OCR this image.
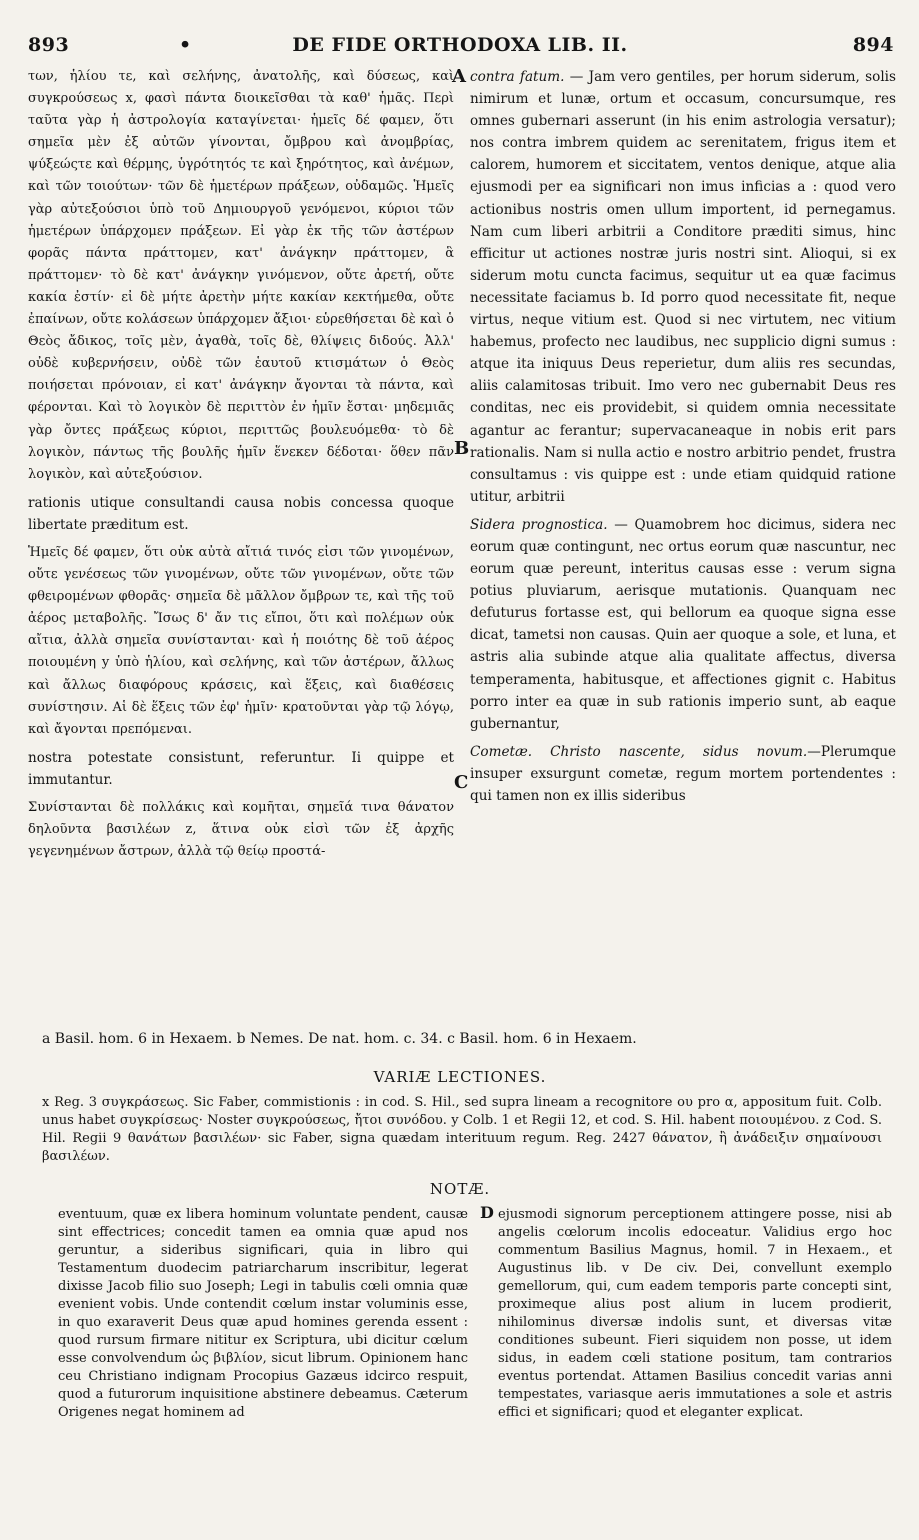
893	•	DE FIDE ORTHODOXA LIB. II.	894

των, ἡλίου τε, καὶ σελήνης, ἀνατολῆς, καὶ δύσεως, καὶ συγκρούσεως x, φασὶ πάντα διοικεῖσθαι τὰ καθ' ἡμᾶς. Περὶ ταῦτα γὰρ ἡ ἀστρολογία καταγίνεται· ἡμεῖς δέ φαμεν, ὅτι σημεῖα μὲν ἐξ αὐτῶν γίνονται, ὄμβρου καὶ ἀνομβρίας, ψύξεώςτε καὶ θέρμης, ὑγρότητός τε καὶ ξηρότητος, καὶ ἀνέμων, καὶ τῶν τοιούτων· τῶν δὲ ἡμετέρων πράξεων, οὐδαμῶς. Ἡμεῖς γὰρ αὐτεξούσιοι ὑπὸ τοῦ Δημιουργοῦ γενόμενοι, κύριοι τῶν ἡμετέρων ὑπάρχομεν πράξεων. Εἰ γὰρ ἐκ τῆς τῶν ἀστέρων φορᾶς πάντα πράττομεν, κατ' ἀνάγκην πράττομεν, ἃ πράττομεν· τὸ δὲ κατ' ἀνάγκην γινόμενον, οὔτε ἀρετή, οὔτε κακία ἐστίν· εἰ δὲ μήτε ἀρετὴν μήτε κακίαν κεκτήμεθα, οὔτε ἐπαίνων, οὔτε κολάσεων ὑπάρχομεν ἄξιοι· εὑρεθήσεται δὲ καὶ ὁ Θεὸς ἄδικος, τοῖς μὲν, ἀγαθὰ, τοῖς δὲ, θλίψεις διδούς. Ἀλλ' οὐδὲ κυβερνήσειν, οὐδὲ τῶν ἑαυτοῦ κτισμάτων ὁ Θεὸς ποιήσεται πρόνοιαν, εἰ κατ' ἀνάγκην ἄγονται τὰ πάντα, καὶ φέρονται. Καὶ τὸ λογικὸν δὲ περιττὸν ἐν ἡμῖν ἔσται· μηδεμιᾶς γὰρ ὄντες πράξεως κύριοι, περιττῶς βουλευόμεθα· τὸ δὲ λογικὸν, πάντως τῆς βουλῆς ἡμῖν ἕνεκεν δέδοται· ὅθεν πᾶν λογικὸν, καὶ αὐτεξούσιον.

rationis utique consultandi causa nobis concessa quoque libertate præditum est.

Ἡμεῖς δέ φαμεν, ὅτι οὐκ αὐτὰ αἴτιά τινός εἰσι τῶν γινομένων, οὔτε γενέσεως τῶν γινομένων, οὔτε τῶν γινομένων, οὔτε τῶν φθειρομένων φθορᾶς· σημεῖα δὲ μᾶλλον ὄμβρων τε, καὶ τῆς τοῦ ἀέρος μεταβολῆς. Ἴσως δ' ἄν τις εἴποι, ὅτι καὶ πολέμων οὐκ αἴτια, ἀλλὰ σημεῖα συνίστανται· καὶ ἡ ποιότης δὲ τοῦ ἀέρος ποιουμένη y ὑπὸ ἡλίου, καὶ σελήνης, καὶ τῶν ἀστέρων, ἄλλως καὶ ἄλλως διαφόρους κράσεις, καὶ ἕξεις, καὶ διαθέσεις συνίστησιν. Αἱ δὲ ἕξεις τῶν ἐφ' ἡμῖν· κρατοῦνται γὰρ τῷ λόγῳ, καὶ ἄγονται πρεπόμεναι.

nostra potestate consistunt, referuntur. Ii quippe et immutantur.

Συνίστανται δὲ πολλάκις καὶ κομῆται, σημεῖά τινα θάνατον δηλοῦντα βασιλέων z, ἅτινα οὐκ εἰσὶ τῶν ἐξ ἀρχῆς γεγενημένων ἄστρων, ἀλλὰ τῷ θείῳ προστά-

A
B
C

contra fatum. — Jam vero gentiles, per horum siderum, solis nimirum et lunæ, ortum et occasum, concursumque, res omnes gubernari asserunt (in his enim astrologia versatur); nos contra imbrem quidem ac serenitatem, frigus item et calorem, humorem et siccitatem, ventos denique, atque alia ejusmodi per ea significari non imus inficias a : quod vero actionibus nostris omen ullum importent, id pernegamus. Nam cum liberi arbitrii a Conditore præditi simus, hinc efficitur ut actiones nostræ juris nostri sint. Alioqui, si ex siderum motu cuncta facimus, sequitur ut ea quæ facimus necessitate faciamus b. Id porro quod necessitate fit, neque virtus, neque vitium est. Quod si nec virtutem, nec vitium habemus, profecto nec laudibus, nec supplicio digni sumus : atque ita iniquus Deus reperietur, dum aliis res secundas, aliis calamitosas tribuit. Imo vero nec gubernabit Deus res conditas, nec eis providebit, si quidem omnia necessitate agantur ac ferantur; supervacaneaque in nobis erit pars rationalis. Nam si nulla actio e nostro arbitrio pendet, frustra consultamus : vis quippe est : unde etiam quidquid ratione utitur, arbitrii

Sidera prognostica. — Quamobrem hoc dicimus, sidera nec eorum quæ contingunt, nec ortus eorum quæ nascuntur, nec eorum quæ pereunt, interitus causas esse : verum signa potius pluviarum, aerisque mutationis. Quanquam nec defuturus fortasse est, qui bellorum ea quoque signa esse dicat, tametsi non causas. Quin aer quoque a sole, et luna, et astris alia subinde atque alia qualitate affectus, diversa temperamenta, habitusque, et affectiones gignit c. Habitus porro inter ea quæ in sub rationis imperio sunt, ab eaque gubernantur,

Cometæ. Christo nascente, sidus novum.—Plerumque insuper exsurgunt cometæ, regum mortem portendentes : qui tamen non ex illis sideribus

a Basil. hom. 6 in Hexaem. b Nemes. De nat. hom. c. 34. c Basil. hom. 6 in Hexaem.
VARIÆ LECTIONES.
x Reg. 3 συγκράσεως. Sic Faber, commistionis : in cod. S. Hil., sed supra lineam a recognitore ου pro α, appositum fuit. Colb. unus habet συγκρίσεως· Noster συγκρούσεως, ἤτοι συνόδου. y Colb. 1 et Regii 12, et cod. S. Hil. habent ποιουμένου. z Cod. S. Hil. Regii 9 θανάτων βασιλέων· sic Faber, signa quædam interituum regum. Reg. 2427 θάνατον, ἢ ἀνάδειξιν σημαίνουσι βασιλέων.
NOTÆ.
eventuum, quæ ex libera hominum voluntate pendent, causæ sint effectrices; concedit tamen ea omnia quæ apud nos geruntur, a sideribus significari, quia in libro qui Testamentum duodecim patriarcharum inscribitur, legerat dixisse Jacob filio suo Joseph; Legi in tabulis cœli omnia quæ evenient vobis. Unde contendit cœlum instar voluminis esse, in quo exaraverit Deus quæ apud homines gerenda essent : quod rursum firmare nititur ex Scriptura, ubi dicitur cœlum esse convolvendum ὡς βιβλίον, sicut librum. Opinionem hanc ceu Christiano indignam Procopius Gazæus idcirco respuit, quod a futurorum inquisitione abstinere debeamus. Cæterum Origenes negat hominem ad
D ejusmodi signorum perceptionem attingere posse, nisi ab angelis cœlorum incolis edoceatur. Validius ergo hoc commentum Basilius Magnus, homil. 7 in Hexaem., et Augustinus lib. v De civ. Dei, convellunt exemplo gemellorum, qui, cum eadem temporis parte concepti sint, proximeque alius post alium in lucem prodierit, nihilominus diversæ indolis sunt, et diversas vitæ conditiones subeunt. Fieri siquidem non posse, ut idem sidus, in eadem cœli statione positum, tam contrarios eventus portendat. Attamen Basilius concedit varias anni tempestates, variasque aeris immutationes a sole et astris effici et significari; quod et eleganter explicat.
